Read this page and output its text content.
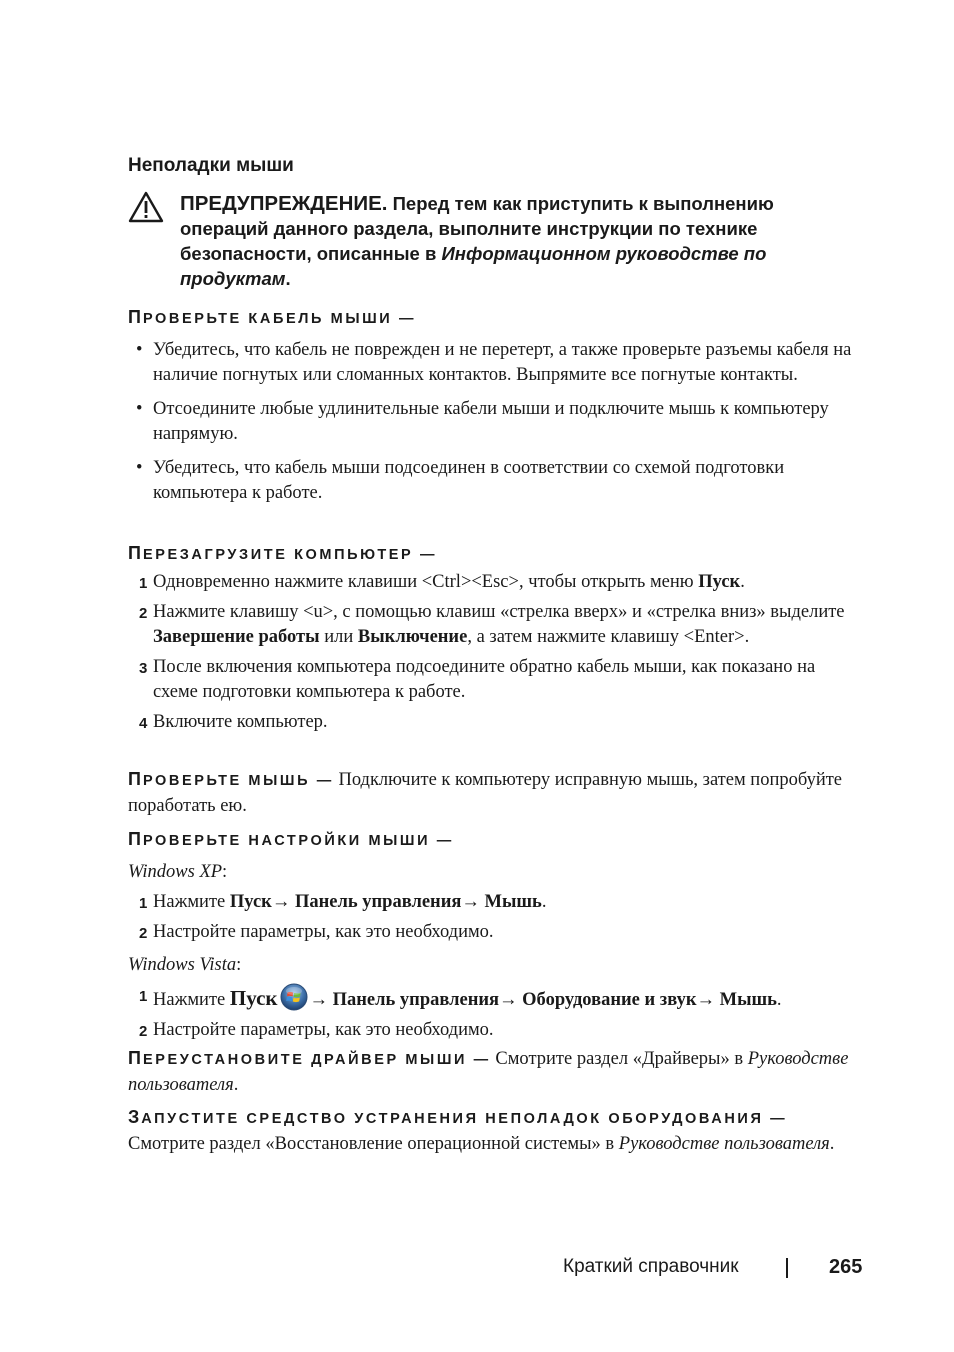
Неполадки мыши
ПРЕДУПРЕЖДЕНИЕ. Перед тем как приступить к выполнению операций данного раздела, выполните инструкции по технике безопасности, описанные в Информационном руководстве по продуктам.
ПРОВЕРЬТЕ КАБЕЛЬ МЫШИ —
• Убедитесь, что кабель не поврежден и не перетерт, а также проверьте разъемы кабеля на наличие погнутых или сломанных контактов. Выпрямите все погнутые контакты.
• Отсоедините любые удлинительные кабели мыши и подключите мышь к компьютеру напрямую.
• Убедитесь, что кабель мыши подсоединен в соответствии со схемой подготовки компьютера к работе.
ПЕРЕЗАГРУЗИТЕ КОМПЬЮТЕР —
1 Одновременно нажмите клавиши <Ctrl><Esc>, чтобы открыть меню Пуск.
2 Нажмите клавишу <u>, с помощью клавиш «стрелка вверх» и «стрелка вниз» выделите Завершение работы или Выключение, а затем нажмите клавишу <Enter>.
3 После включения компьютера подсоедините обратно кабель мыши, как показано на схеме подготовки компьютера к работе.
4 Включите компьютер.
ПРОВЕРЬТЕ МЫШЬ — Подключите к компьютеру исправную мышь, затем попробуйте поработать ею.
ПРОВЕРЬТЕ НАСТРОЙКИ МЫШИ —
Windows XP:
1 Нажмите Пуск→ Панель управления→ Мышь.
2 Настройте параметры, как это необходимо.
Windows Vista:
1 Нажмите Пуск → Панель управления→ Оборудование и звук→ Мышь.
2 Настройте параметры, как это необходимо.
ПЕРЕУСТАНОВИТЕ ДРАЙВЕР МЫШИ — Смотрите раздел «Драйверы» в Руководстве пользователя.
ЗАПУСТИТЕ СРЕДСТВО УСТРАНЕНИЯ НЕПОЛАДОК ОБОРУДОВАНИЯ —
Смотрите раздел «Восстановление операционной системы» в Руководстве пользователя.
Краткий справочник	265
